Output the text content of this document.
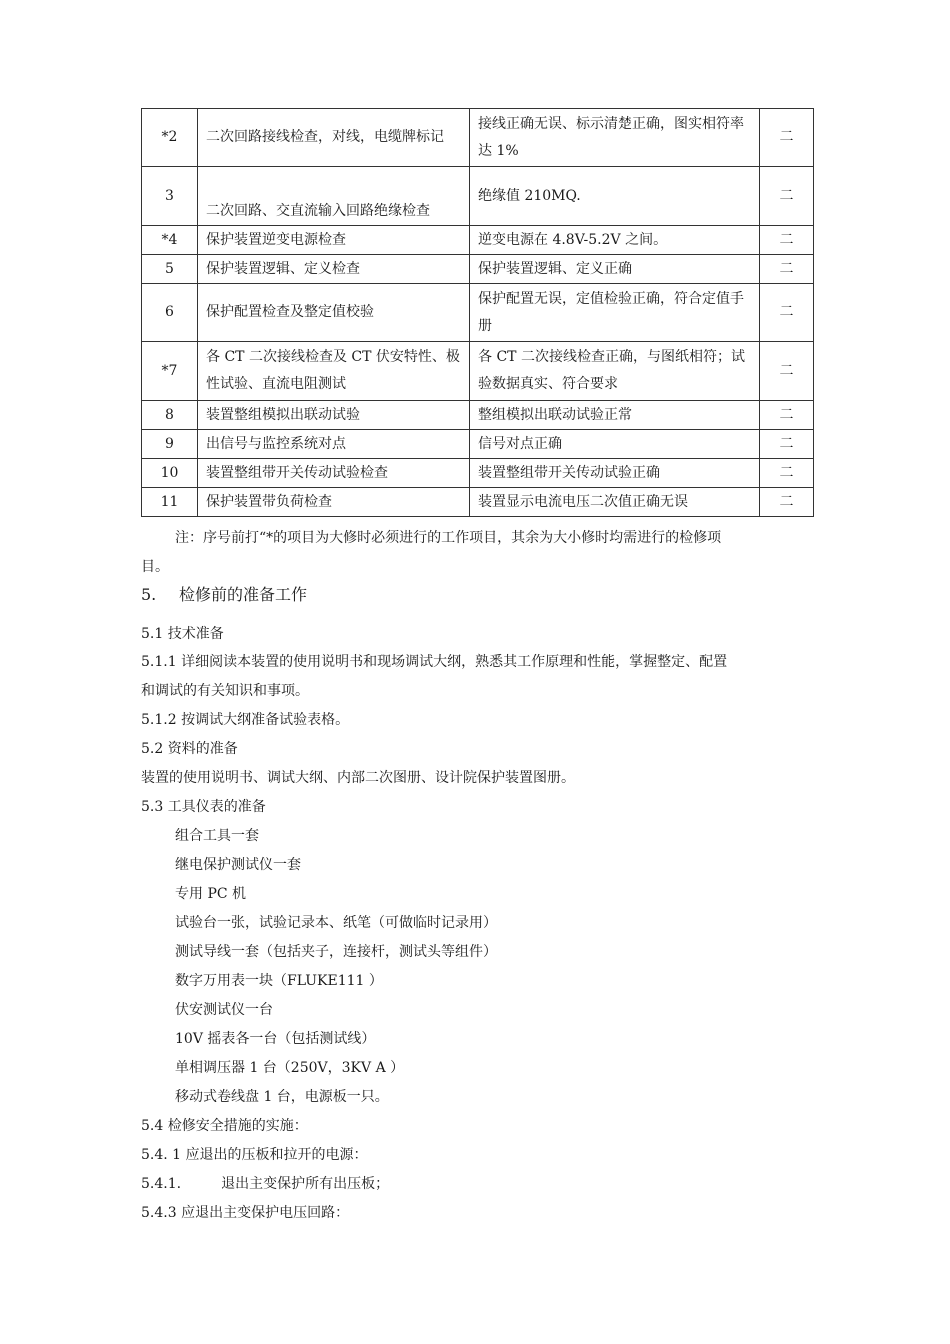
*2	二次回路接线检查，对线，电缆牌标记	接线正确无误、标示清楚正确，图实相符率达 1%	二
3	二次回路、交直流输入回路绝缘检查	绝缘值 210MQ.	二
*4	保护装置逆变电源检查	逆变电源在 4.8V-5.2V 之间。	二
5	保护装置逻辑、定义检查	保护装置逻辑、定义正确	二
6	保护配置检查及整定值校验	保护配置无误，定值检验正确，符合定值手册	二
*7	各 CT 二次接线检查及 CT 伏安特性、极性试验、直流电阻测试	各 CT 二次接线检查正确，与图纸相符；试验数据真实、符合要求	二
8	装置整组模拟出联动试验	整组模拟出联动试验正常	二
9	出信号与监控系统对点	信号对点正确	二
10	装置整组带开关传动试验检查	装置整组带开关传动试验正确	二
11	保护装置带负荷检查	装置显示电流电压二次值正确无误	二
注：序号前打“*的项目为大修时必须进行的工作项目，其余为大小修时均需进行的检修项
目。
5. 检修前的准备工作
5.1 技术准备
5.1.1 详细阅读本装置的使用说明书和现场调试大纲，熟悉其工作原理和性能，掌握整定、配置
和调试的有关知识和事项。
5.1.2 按调试大纲准备试验表格。
5.2 资料的准备
装置的使用说明书、调试大纲、内部二次图册、设计院保护装置图册。
5.3 工具仪表的准备
组合工具一套
继电保护测试仪一套
专用 PC 机
试验台一张，试验记录本、纸笔（可做临时记录用）
测试导线一套（包括夹子，连接杆，测试头等组件）
数字万用表一块（FLUKE111 ）
伏安测试仪一台
10V 摇表各一台（包括测试线）
单相调压器 1 台（250V，3KV A ）
移动式卷线盘 1 台，电源板一只。
5.4 检修安全措施的实施：
5.4. 1 应退出的压板和拉开的电源：
5.4.1.	退出主变保护所有出压板；
5.4.3 应退出主变保护电压回路：
